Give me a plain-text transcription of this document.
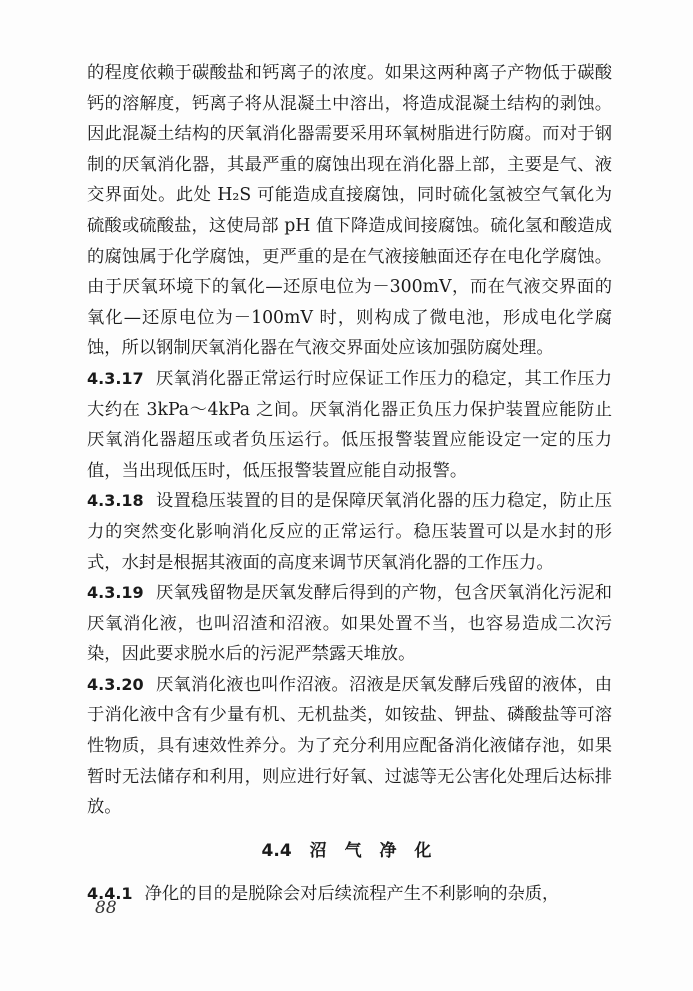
的程度依赖于碳酸盐和钙离子的浓度。如果这两种离子产物低于碳酸钙的溶解度，钙离子将从混凝土中溶出，将造成混凝土结构的剥蚀。因此混凝土结构的厌氧消化器需要采用环氧树脂进行防腐。而对于钢制的厌氧消化器，其最严重的腐蚀出现在消化器上部，主要是气、液交界面处。此处 H₂S 可能造成直接腐蚀，同时硫化氢被空气氧化为硫酸或硫酸盐，这使局部 pH 值下降造成间接腐蚀。硫化氢和酸造成的腐蚀属于化学腐蚀，更严重的是在气液接触面还存在电化学腐蚀。由于厌氧环境下的氧化—还原电位为－300mV，而在气液交界面的氧化—还原电位为－100mV 时，则构成了微电池，形成电化学腐蚀，所以钢制厌氧消化器在气液交界面处应该加强防腐处理。

4.3.17 厌氧消化器正常运行时应保证工作压力的稳定，其工作压力大约在 3kPa～4kPa 之间。厌氧消化器正负压力保护装置应能防止厌氧消化器超压或者负压运行。低压报警装置应能设定一定的压力值，当出现低压时，低压报警装置应能自动报警。

4.3.18 设置稳压装置的目的是保障厌氧消化器的压力稳定，防止压力的突然变化影响消化反应的正常运行。稳压装置可以是水封的形式，水封是根据其液面的高度来调节厌氧消化器的工作压力。

4.3.19 厌氧残留物是厌氧发酵后得到的产物，包含厌氧消化污泥和厌氧消化液，也叫沼渣和沼液。如果处置不当，也容易造成二次污染，因此要求脱水后的污泥严禁露天堆放。

4.3.20 厌氧消化液也叫作沼液。沼液是厌氧发酵后残留的液体，由于消化液中含有少量有机、无机盐类，如铵盐、钾盐、磷酸盐等可溶性物质，具有速效性养分。为了充分利用应配备消化液储存池，如果暂时无法储存和利用，则应进行好氧、过滤等无公害化处理后达标排放。

4.4 沼 气 净 化

4.4.1 净化的目的是脱除会对后续流程产生不利影响的杂质，

88
